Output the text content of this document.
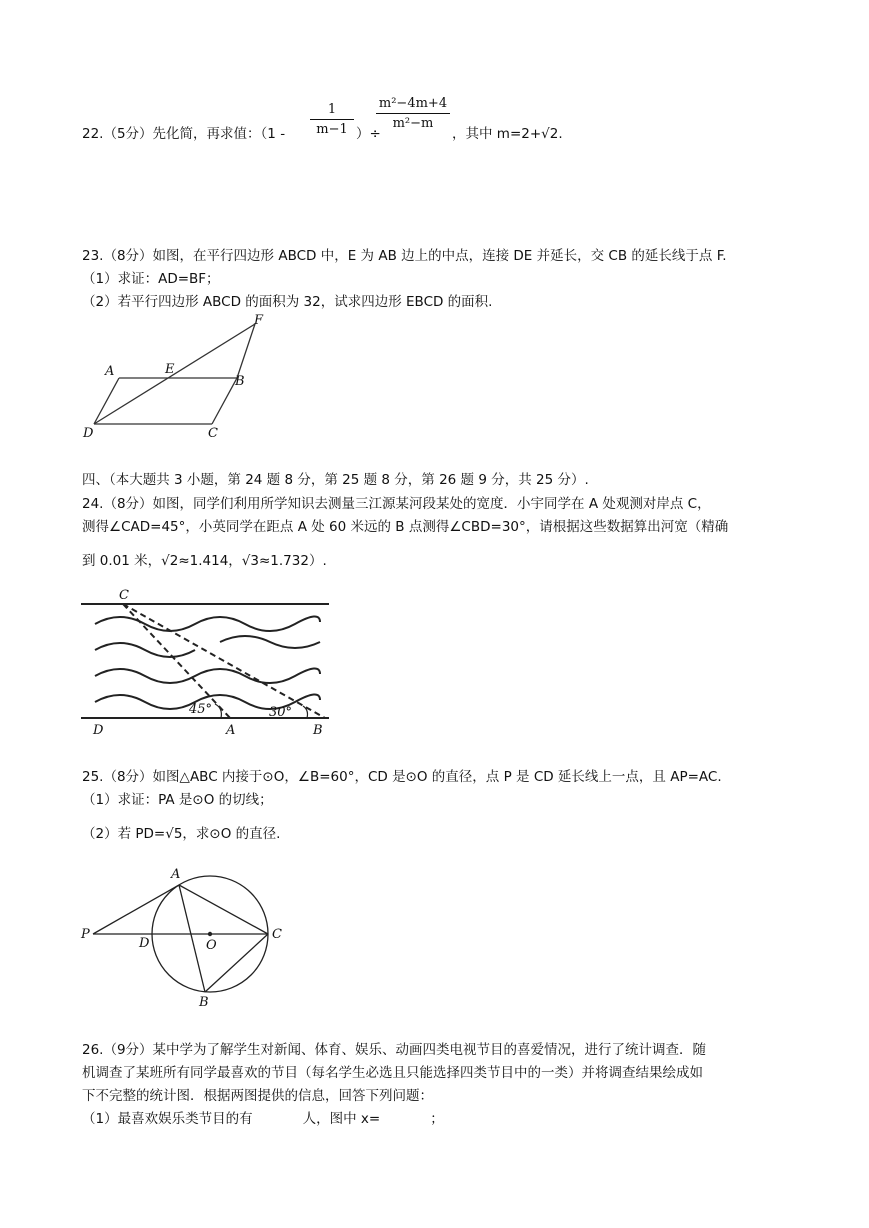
22.（5分）先化简，再求值：（1 -
1
m−1 ）÷
m²−4m+4
m²−m
，其中 m=2+√2.
23.（8分）如图，在平行四边形 ABCD 中，E 为 AB 边上的中点，连接 DE 并延长，交 CB 的延长线于点 F.
（1）求证：AD=BF；
（2）若平行四边形 ABCD 的面积为 32，试求四边形 EBCD 的面积.
A	E
B
F
D	C
四、（本大题共 3 小题，第 24 题 8 分，第 25 题 8 分，第 26 题 9 分，共 25 分）.
24.（8分）如图，同学们利用所学知识去测量三江源某河段某处的宽度．小宇同学在 A 处观测对岸点 C，
测得∠CAD=45°，小英同学在距点 A 处 60 米远的 B 点测得∠CBD=30°，请根据这些数据算出河宽（精确
到 0.01 米，√2≈1.414，√3≈1.732）.
C
45°	30°
D	A	B
25.（8分）如图△ABC 内接于⊙O，∠B=60°，CD 是⊙O 的直径，点 P 是 CD 延长线上一点，且 AP=AC.
（1）求证：PA 是⊙O 的切线；
（2）若 PD=√5，求⊙O 的直径.
A
P
D	O
C
B
26.（9分）某中学为了解学生对新闻、体育、娱乐、动画四类电视节目的喜爱情况，进行了统计调查．随
机调查了某班所有同学最喜欢的节目（每名学生必选且只能选择四类节目中的一类）并将调查结果绘成如
下不完整的统计图．根据两图提供的信息，回答下列问题：
（1）最喜欢娱乐类节目的有	人，图中 x=	；
